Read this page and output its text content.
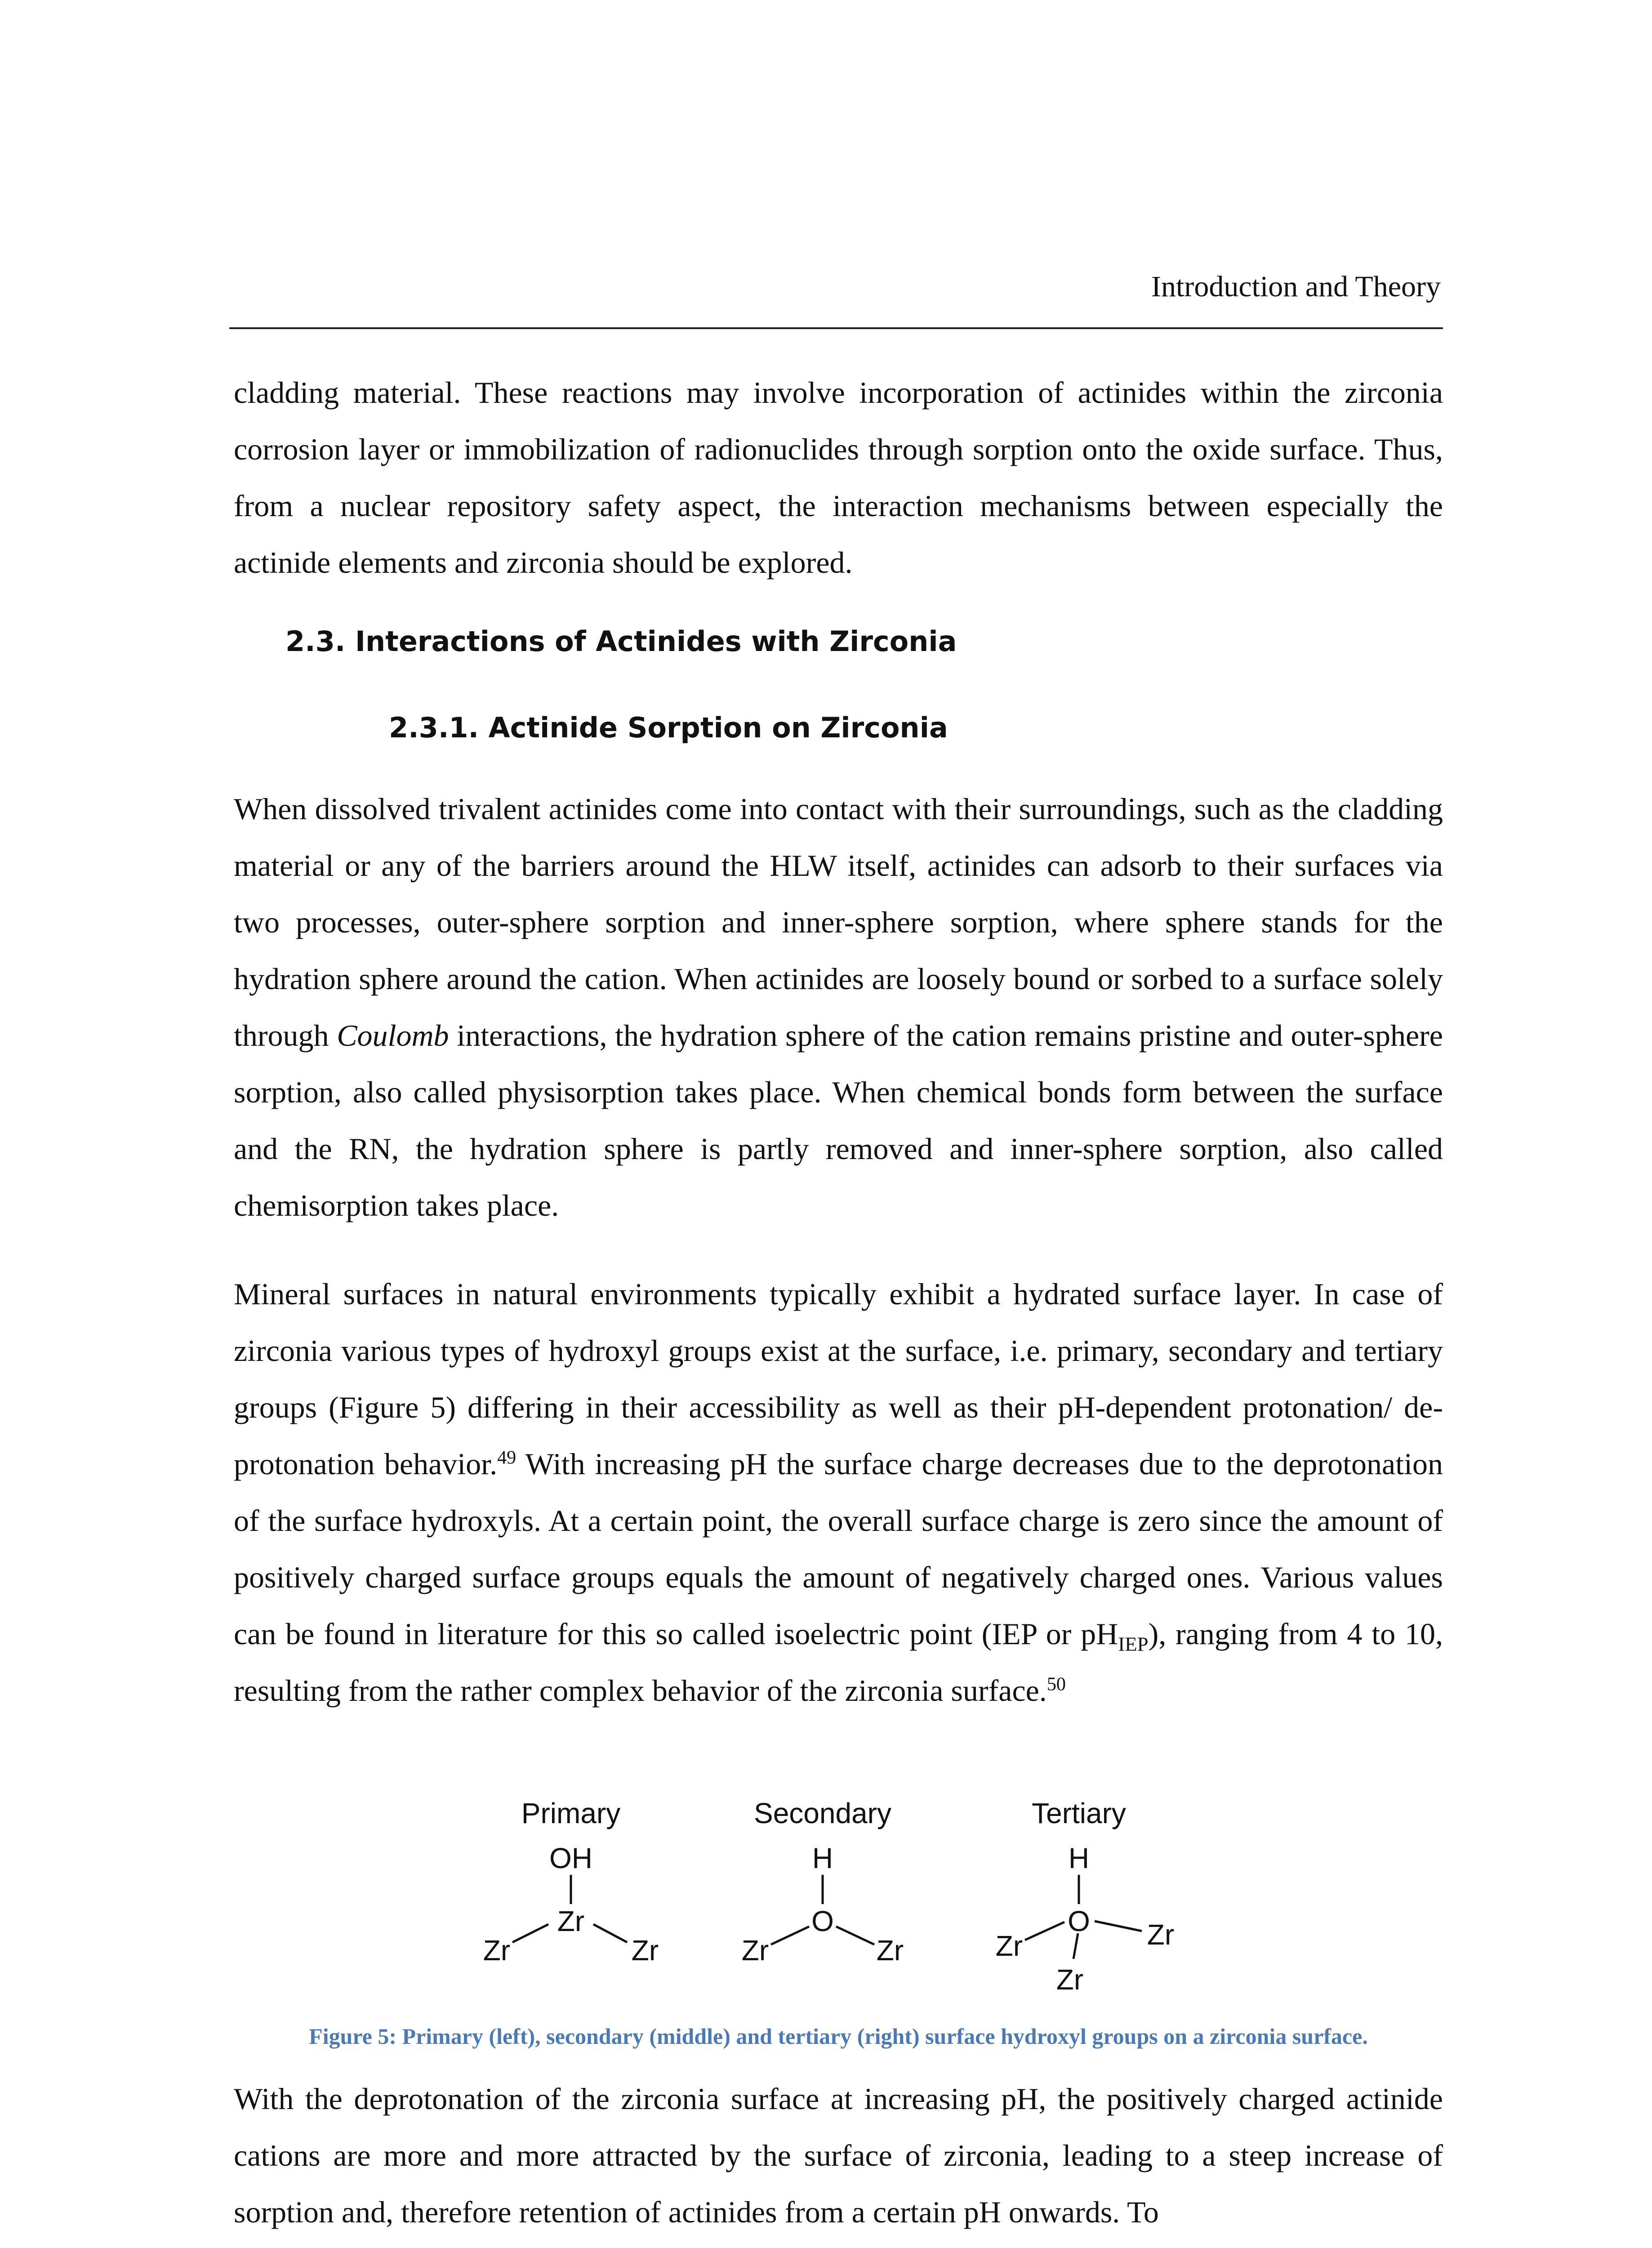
Introduction and Theory

cladding material. These reactions may involve incorporation of actinides within the zirconia corrosion layer or immobilization of radionuclides through sorption onto the oxide surface. Thus, from a nuclear repository safety aspect, the interaction mechanisms between especially the actinide elements and zirconia should be explored.

2.3. Interactions of Actinides with Zirconia
2.3.1. Actinide Sorption on Zirconia

When dissolved trivalent actinides come into contact with their surroundings, such as the cladding material or any of the barriers around the HLW itself, actinides can adsorb to their surfaces via two processes, outer-sphere sorption and inner-sphere sorption, where sphere stands for the hydration sphere around the cation. When actinides are loosely bound or sorbed to a surface solely through Coulomb interactions, the hydration sphere of the cation remains pristine and outer-sphere sorption, also called physisorption takes place. When chemical bonds form between the surface and the RN, the hydration sphere is partly removed and inner-sphere sorption, also called chemisorption takes place.

Mineral surfaces in natural environments typically exhibit a hydrated surface layer. In case of zirconia various types of hydroxyl groups exist at the surface, i.e. primary, secondary and tertiary groups (Figure 5) differing in their accessibility as well as their pH-dependent protonation/ de-protonation behavior.$^{49}$ With increasing pH the surface charge decreases due to the deprotonation of the surface hydroxyls. At a certain point, the overall surface charge is zero since the amount of positively charged surface groups equals the amount of negatively charged ones. Various values can be found in literature for this so called isoelectric point (IEP or $pH_{IEP}$), ranging from 4 to 10, resulting from the rather complex behavior of the zirconia surface.$^{50}$

Primary	Secondary	Tertiary
OH
Zr
Zr	Zr
H
O
Zr	Zr
H
O
Zr	Zr
Zr
Figure 5: Primary (left), secondary (middle) and tertiary (right) surface hydroxyl groups on a zirconia surface.

With the deprotonation of the zirconia surface at increasing pH, the positively charged actinide cations are more and more attracted by the surface of zirconia, leading to a steep increase of sorption and, therefore retention of actinides from a certain pH onwards. To
